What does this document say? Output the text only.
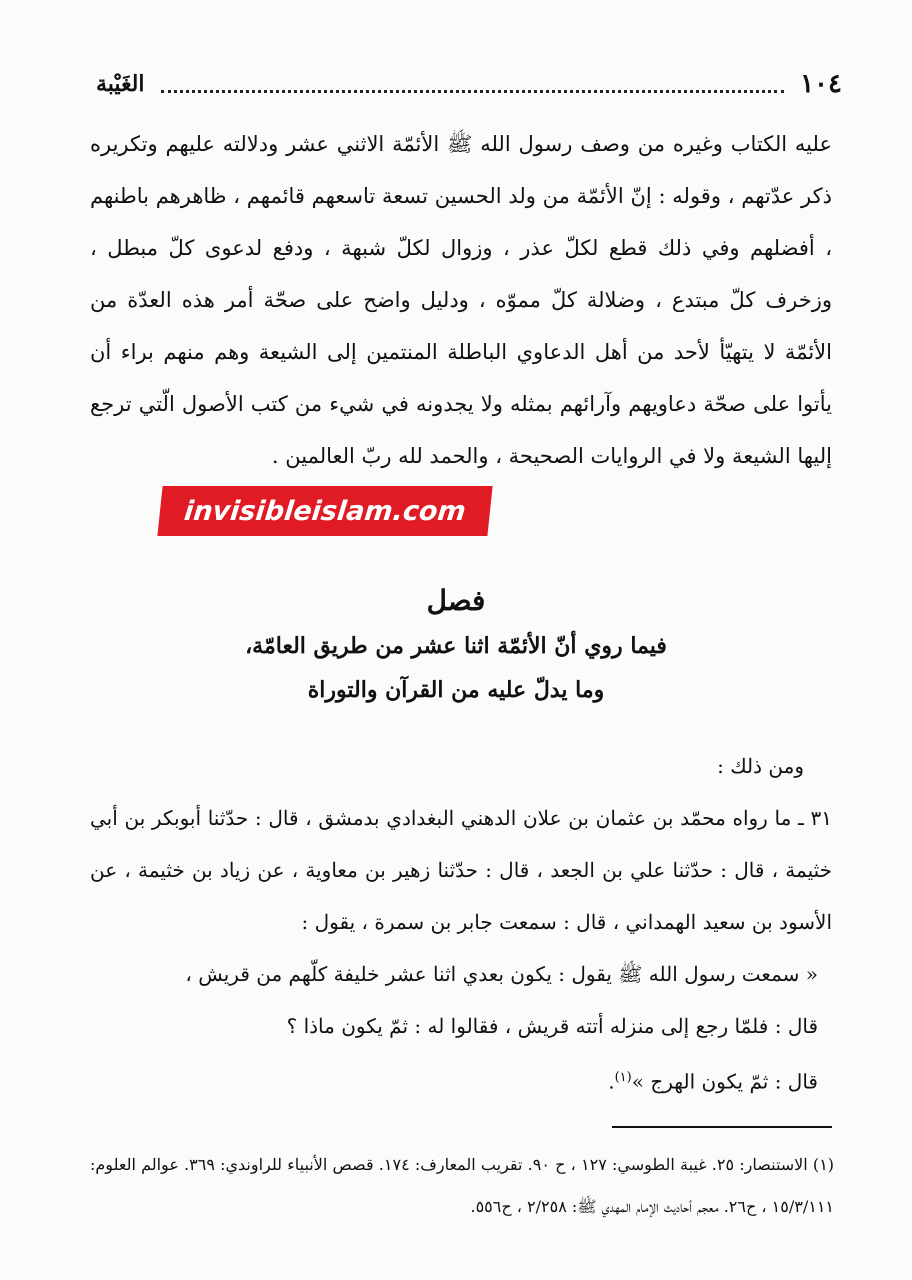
١٠٤
الغَيْبة

عليه الكتاب وغيره من وصف رسول الله ﷺ الأئمّة الاثني عشر ودلالته عليهم وتكريره ذكر عدّتهم ، وقوله : إنّ الأئمّة من ولد الحسين تسعة تاسعهم قائمهم ، ظاهرهم باطنهم ، أفضلهم وفي ذلك قطع لكلّ عذر ، وزوال لكلّ شبهة ، ودفع لدعوى كلّ مبطل ، وزخرف كلّ مبتدع ، وضلالة كلّ مموّه ، ودليل واضح على صحّة أمر هذه العدّة من الأئمّة لا يتهيّأ لأحد من أهل الدعاوي الباطلة المنتمين إلى الشيعة وهم منهم براء أن يأتوا على صحّة دعاويهم وآرائهم بمثله ولا يجدونه في شيء من كتب الأصول الّتي ترجع إليها الشيعة ولا في الروايات الصحيحة ، والحمد لله ربّ العالمين .

invisibleislam.com
فصل
فيما روي أنّ الأئمّة اثنا عشر من طريق العامّة،
وما يدلّ عليه من القرآن والتوراة

ومن ذلك :

٣١ ـ ما رواه محمّد بن عثمان بن علان الدهني البغدادي بدمشق ، قال : حدّثنا أبوبكر بن أبي خثيمة ، قال : حدّثنا علي بن الجعد ، قال : حدّثنا زهير بن معاوية ، عن زياد بن خثيمة ، عن الأسود بن سعيد الهمداني ، قال : سمعت جابر بن سمرة ، يقول :

« سمعت رسول الله ﷺ يقول : يكون بعدي اثنا عشر خليفة كلّهم من قريش ،

قال : فلمّا رجع إلى منزله أتته قريش ، فقالوا له : ثمّ يكون ماذا ؟

قال : ثمّ يكون الهرج »$^{(١)}$.

(١) الاستنصار: ٢٥. غيبة الطوسي: ١٢٧ ، ح ٩٠. تقريب المعارف: ١٧٤. قصص الأنبياء للراوندي: ٣٦٩. عوالم العلوم: ١٥/٣/١١١ ، ح٢٦. معجم أحاديث الإمام المهدي ﷺ: ٢/٢٥٨ ، ح٥٥٦.
